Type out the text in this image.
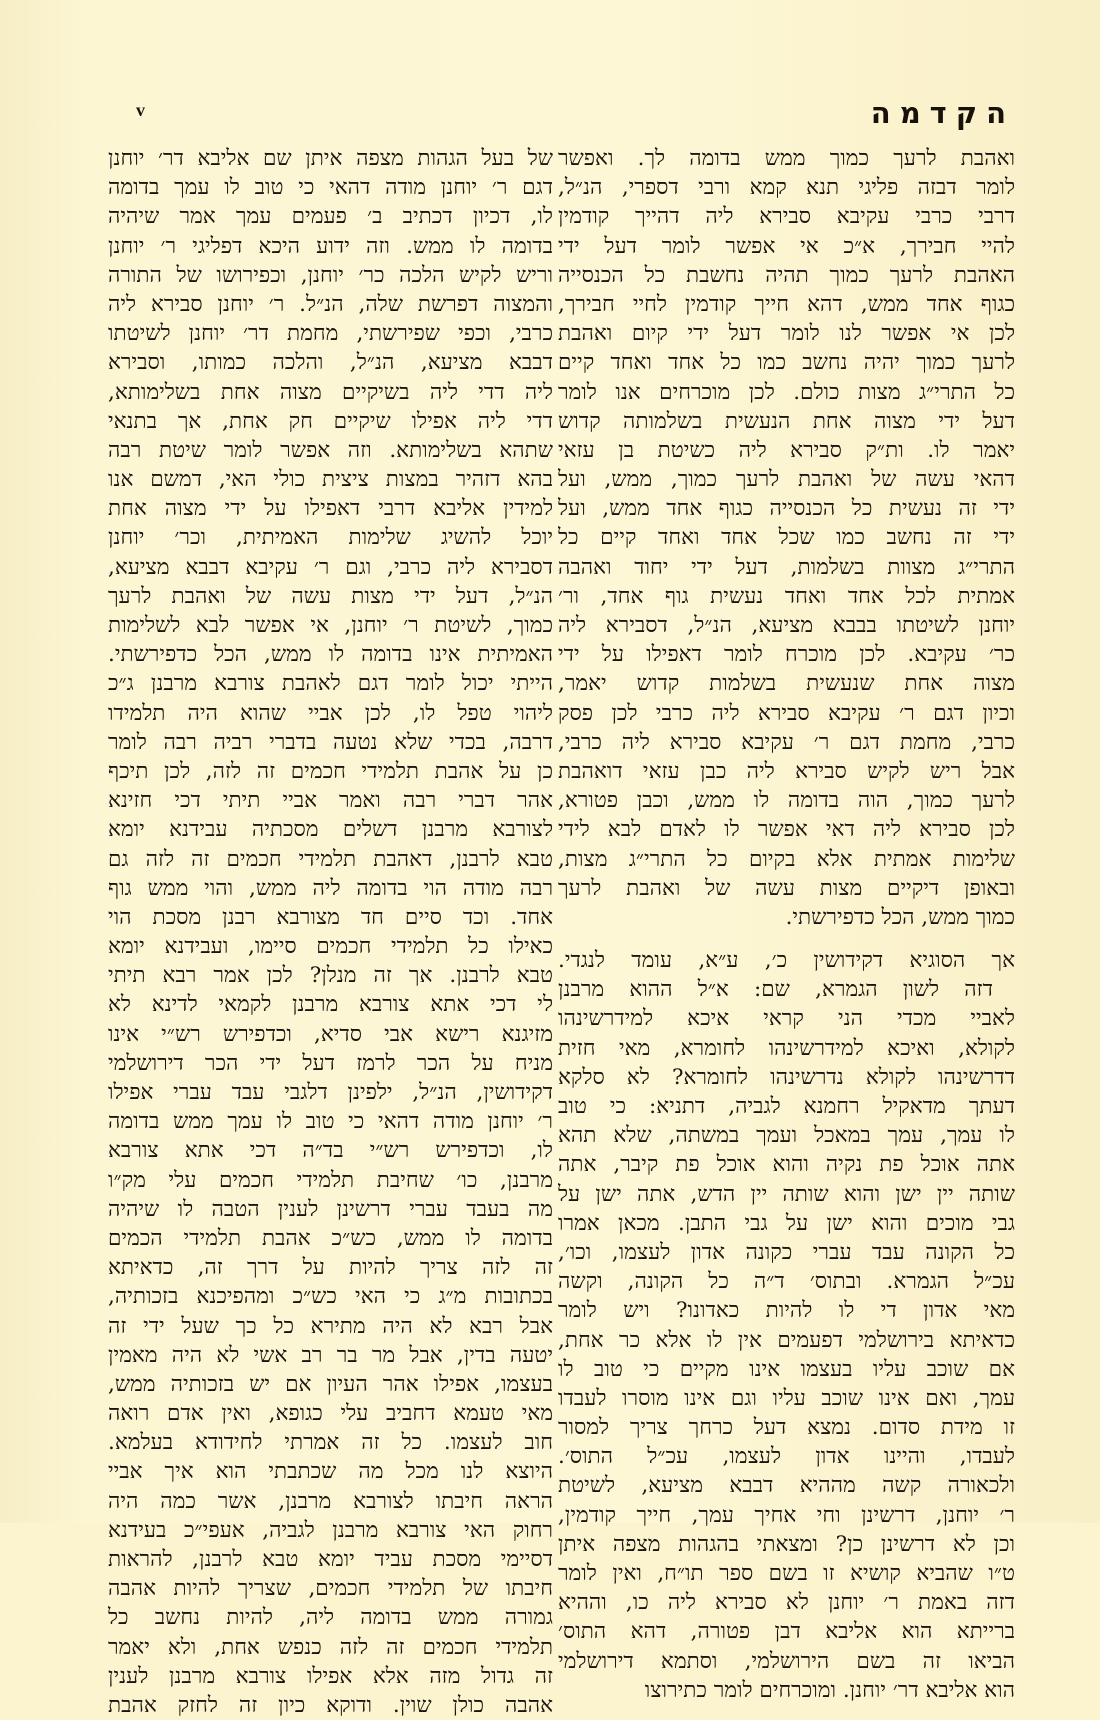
v	הקדמה
ואהבת לרעך כמוך ממש בדומה לך. ואפשר
לומר דבזה פליגי תנא קמא ורבי דספרי, הנ״ל,
דרבי כרבי עקיבא סבירא ליה דהייך קודמין
להיי חבירך, א״כ אי אפשר לומר דעל ידי
האהבת לרעך כמוך תהיה נחשבת כל הכנסייה
כגוף אחד ממש, דהא חייך קודמין לחיי חבירך,
לכן אי אפשר לנו לומר דעל ידי קיום ואהבת
לרעך כמוך יהיה נחשב כמו כל אחד ואחד קיים
כל התרי״ג מצות כולם. לכן מוכרחים אנו לומר
דעל ידי מצוה אחת הנעשית בשלמותה קדוש
יאמר לו. ות״ק סבירא ליה כשיטת בן עזאי
דהאי עשה של ואהבת לרעך כמוך, ממש, ועל
ידי זה נעשית כל הכנסייה כגוף אחד ממש, ועל
ידי זה נחשב כמו שכל אחד ואחד קיים כל
התרי״ג מצוות בשלמות, דעל ידי יחוד ואהבה
אמתית לכל אחד ואחד נעשית גוף אחד, ור׳
יוחנן לשיטתו בבבא מציעא, הנ״ל, דסבירא ליה
כר׳ עקיבא. לכן מוכרח לומר דאפילו על ידי
מצוה אחת שנעשית בשלמות קדוש יאמר,
וכיון דגם ר׳ עקיבא סבירא ליה כרבי לכן פסק
כרבי, מחמת דגם ר׳ עקיבא סבירא ליה כרבי,
אבל ריש לקיש סבירא ליה כבן עזאי דואהבת
לרעך כמוך, הוה בדומה לו ממש, וכבן פטורא,
לכן סבירא ליה דאי אפשר לו לאדם לבא לידי
שלימות אמתית אלא בקיום כל התרי״ג מצות,
ובאופן דיקיים מצות עשה של ואהבת לרעך
כמוך ממש, הכל כדפירשתי.
אך הסוגיא דקידושין כ׳, ע״א, עומד לנגדי.
דזה לשון הגמרא, שם: א״ל ההוא מרבנן
לאביי מכדי הני קראי איכא למידרשינהו
לקולא, ואיכא למידרשינהו לחומרא, מאי חזית
דדרשינהו לקולא נדרשינהו לחומרא? לא סלקא
דעתך מדאקיל רחמנא לגביה, דתניא: כי טוב
לו עמך, עמך במאכל ועמך במשתה, שלא תהא
אתה אוכל פת נקיה והוא אוכל פת קיבר, אתה
שותה יין ישן והוא שותה יין הדש, אתה ישן על
גבי מוכים והוא ישן על גבי התבן. מכאן אמרו
כל הקונה עבד עברי כקונה אדון לעצמו, וכו׳,
עכ״ל הגמרא. ובתוס׳ ד״ה כל הקונה, וקשה
מאי אדון די לו להיות כאדונו? ויש לומר
כדאיתא בירושלמי דפעמים אין לו אלא כר אחת,
אם שוכב עליו בעצמו אינו מקיים כי טוב לו
עמך, ואם אינו שוכב עליו וגם אינו מוסרו לעבדו
זו מידת סדום. נמצא דעל כרחך צריך למסור
לעבדו, והיינו אדון לעצמו, עכ״ל התוס׳.
ולכאורה קשה מההיא דבבא מציעא, לשיטת
ר׳ יוחנן, דרשינן וחי אחיך עמך, חייך קודמין,
וכן לא דרשינן כן? ומצאתי בהגהות מצפה איתן
ט״ו שהביא קושיא זו בשם ספר תו״ח, ואין לומר
דזה באמת ר׳ יוחנן לא סבירא ליה כו, וההיא
ברייתא הוא אליבא דבן פטורה, דהא התוס׳
הביאו זה בשם הירושלמי, וסתמא דירושלמי
הוא אליבא דר׳ יוחנן. ומוכרחים לומר כתירוצו
של בעל הגהות מצפה איתן שם אליבא דר׳ יוחנן
דגם ר׳ יוחנן מודה דהאי כי טוב לו עמך בדומה
לו, דכיון דכתיב ב׳ פעמים עמך אמר שיהיה
בדומה לו ממש. וזה ידוע היכא דפליגי ר׳ יוחנן
וריש לקיש הלכה כר׳ יוחנן, וכפירושו של התורה
והמצוה דפרשת שלה, הנ״ל. ר׳ יוחנן סבירא ליה
כרבי, וכפי שפירשתי, מחמת דר׳ יוחנן לשיטתו
דבבא מציעא, הנ״ל, והלכה כמותו, וסבירא
ליה דדי ליה בשיקיים מצוה אחת בשלימותא,
דדי ליה אפילו שיקיים חק אחת, אך בתנאי
שתהא בשלימותא. וזה אפשר לומר שיטת רבה
בהא דזהיר במצות ציצית כולי האי, דמשם אנו
למידין אליבא דרבי דאפילו על ידי מצוה אחת
יוכל להשיג שלימות האמיתית, וכר׳ יוחנן
דסבירא ליה כרבי, וגם ר׳ עקיבא דבבא מציעא,
הנ״ל, דעל ידי מצות עשה של ואהבת לרעך
כמוך, לשיטת ר׳ יוחנן, אי אפשר לבא לשלימות
האמיתית אינו בדומה לו ממש, הכל כדפירשתי.
הייתי יכול לומר דגם לאהבת צורבא מרבנן ג״כ
ליהוי טפל לו, לכן אביי שהוא היה תלמידו
דרבה, בכדי שלא נטעה בדברי רביה רבה לומר
כן על אהבת תלמידי חכמים זה לזה, לכן תיכף
אהר דברי רבה ואמר אביי תיתי דכי חזינא
לצורבא מרבנן דשלים מסכתיה עבידנא יומא
טבא לרבנן, דאהבת תלמידי חכמים זה לזה גם
רבה מודה הוי בדומה ליה ממש, והוי ממש גוף
אחד. וכד סיים חד מצורבא רבנן מסכת הוי
כאילו כל תלמידי חכמים סיימו, ועבידנא יומא
טבא לרבנן. אך זה מנלן? לכן אמר רבא תיתי
לי דכי אתא צורבא מרבנן לקמאי לדינא לא
מזיגנא רישא אבי סדיא, וכדפירש רש״י אינו
מניח על הכר לרמז דעל ידי הכר דירושלמי
דקידושין, הנ״ל, ילפינן דלגבי עבד עברי אפילו
ר׳ יוחנן מודה דהאי כי טוב לו עמך ממש בדומה
לו, וכדפירש רש״י בד״ה דכי אתא צורבא
מרבנן, כו׳ שחיבת תלמידי חכמים עלי מק״ו
מה בעבד עברי דרשינן לענין הטבה לו שיהיה
בדומה לו ממש, כש״כ אהבת תלמידי הכמים
זה לזה צריך להיות על דרך זה, כדאיתא
בכתובות מ״ג כי האי כש״כ ומהפיכנא בזכותיה,
אבל רבא לא היה מתירא כל כך שעל ידי זה
יטעה בדין, אבל מר בר רב אשי לא היה מאמין
בעצמו, אפילו אהר העיון אם יש בזכותיה ממש,
מאי טעמא דחביב עלי כגופא, ואין אדם רואה
חוב לעצמו. כל זה אמרתי לחידודא בעלמא.
היוצא לנו מכל מה שכתבתי הוא איך אביי
הראה חיבתו לצורבא מרבנן, אשר כמה היה
רחוק האי צורבא מרבנן לגביה, אעפי״כ בעידנא
דסיימי מסכת עביד יומא טבא לרבנן, להראות
חיבתו של תלמידי חכמים, שצריך להיות אהבה
גמורה ממש בדומה ליה, להיות נחשב כל
תלמידי חכמים זה לזה כנפש אחת, ולא יאמר
זה גדול מזה אלא אפילו צורבא מרבנן לענין
אהבה כולן שוין. ודוקא כיון זה לחזק אהבת
